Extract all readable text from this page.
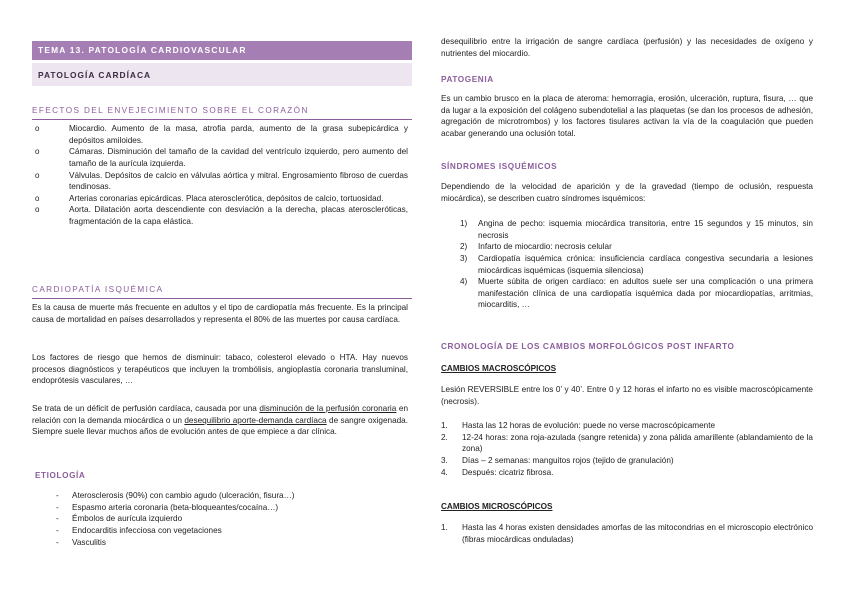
TEMA 13. PATOLOGÍA CARDIOVASCULAR
PATOLOGÍA CARDÍACA
EFECTOS DEL ENVEJECIMIENTO SOBRE EL CORAZÓN
o Miocardio. Aumento de la masa, atrofia parda, aumento de la grasa subepicárdica y depósitos amiloides.
o Cámaras. Disminución del tamaño de la cavidad del ventrículo izquierdo, pero aumento del tamaño de la aurícula izquierda.
o Válvulas. Depósitos de calcio en válvulas aórtica y mitral. Engrosamiento fibroso de cuerdas tendinosas.
o Arterias coronarias epicárdicas. Placa aterosclerótica, depósitos de calcio, tortuosidad.
o Aorta. Dilatación aorta descendiente con desviación a la derecha, placas ateroscleróticas, fragmentación de la capa elástica.
CARDIOPATÍA ISQUÉMICA

Es la causa de muerte más frecuente en adultos y el tipo de cardiopatía más frecuente. Es la principal causa de mortalidad en países desarrollados y representa el 80% de las muertes por causa cardíaca.

Los factores de riesgo que hemos de disminuir: tabaco, colesterol elevado o HTA. Hay nuevos procesos diagnósticos y terapéuticos que incluyen la trombólisis, angioplastia coronaria transluminal, endoprótesis vasculares, …

Se trata de un déficit de perfusión cardíaca, causada por una disminución de la perfusión coronaria en relación con la demanda miocárdica o un desequilibrio aporte-demanda cardíaca de sangre oxigenada. Siempre suele llevar muchos años de evolución antes de que empiece a dar clínica.

ETIOLOGÍA
- Aterosclerosis (90%) con cambio agudo (ulceración, fisura…)
- Espasmo arteria coronaria (beta-bloqueantes/cocaína…)
- Émbolos de aurícula izquierdo
- Endocarditis infecciosa con vegetaciones
- Vasculitis

desequilibrio entre la irrigación de sangre cardíaca (perfusión) y las necesidades de oxígeno y nutrientes del miocardio.

PATOGENIA

Es un cambio brusco en la placa de ateroma: hemorragia, erosión, ulceración, ruptura, fisura, … que da lugar a la exposición del colágeno subendotelial a las plaquetas (se dan los procesos de adhesión, agregación de microtrombos) y los factores tisulares activan la vía de la coagulación que pueden acabar generando una oclusión total.

SÍNDROMES ISQUÉMICOS

Dependiendo de la velocidad de aparición y de la gravedad (tiempo de oclusión, respuesta miocárdica), se describen cuatro síndromes isquémicos:

1) Angina de pecho: isquemia miocárdica transitoria, entre 15 segundos y 15 minutos, sin necrosis
2) Infarto de miocardio: necrosis celular
3) Cardiopatía isquémica crónica: insuficiencia cardíaca congestiva secundaria a lesiones miocárdicas isquémicas (isquemia silenciosa)
4) Muerte súbita de origen cardíaco: en adultos suele ser una complicación o una primera manifestación clínica de una cardiopatía isquémica dada por miocardiopatías, arritmias, miocarditis, …
CRONOLOGÍA DE LOS CAMBIOS MORFOLÓGICOS POST INFARTO
CAMBIOS MACROSCÓPICOS

Lesión REVERSIBLE entre los 0’ y 40’. Entre 0 y 12 horas el infarto no es visible macroscópicamente (necrosis).

1. Hasta las 12 horas de evolución: puede no verse macroscópicamente
2. 12-24 horas: zona roja-azulada (sangre retenida) y zona pálida amarillente (ablandamiento de la zona)
3. Días – 2 semanas: manguitos rojos (tejido de granulación)
4. Después: cicatriz fibrosa.
CAMBIOS MICROSCÓPICOS
1. Hasta las 4 horas existen densidades amorfas de las mitocondrias en el microscopio electrónico (fibras miocárdicas onduladas)
